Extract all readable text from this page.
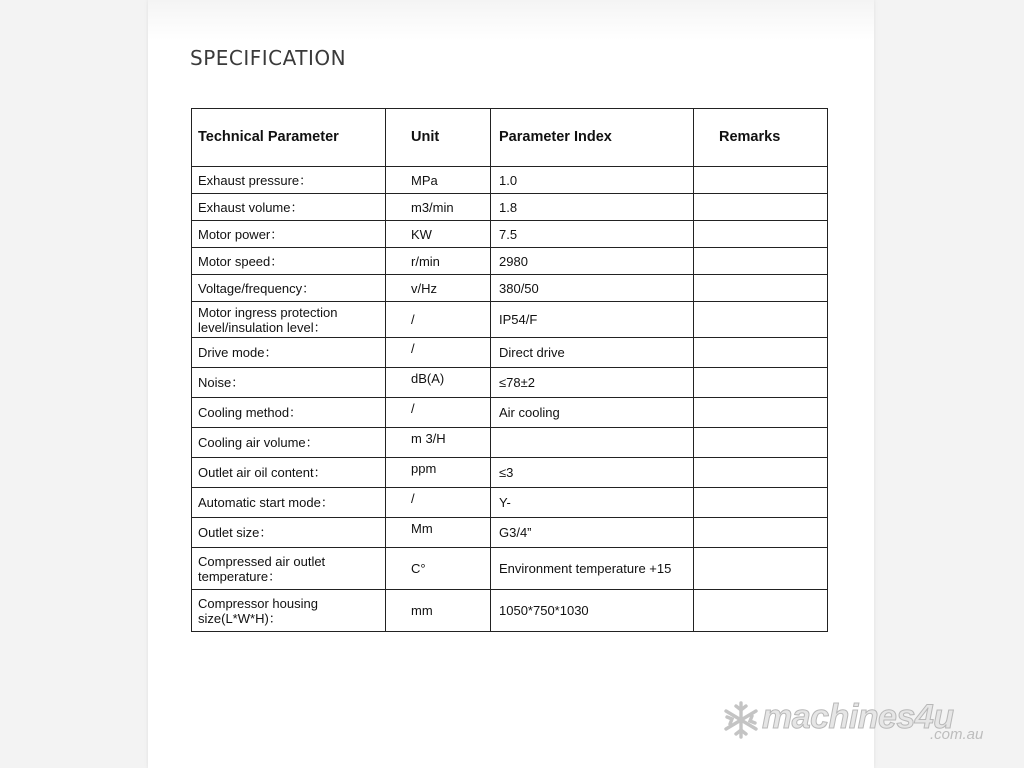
SPECIFICATION
Technical Parameter	Unit	Parameter Index	Remarks
Exhaust pressure：	MPa	1.0	
Exhaust volume：	m3/min	1.8	
Motor power：	KW	7.5	
Motor speed：	r/min	2980	
Voltage/frequency：	v/Hz	380/50	
Motor ingress protection level/insulation level：	/	IP54/F	
Drive mode：	/	Direct drive	
Noise：	dB(A)	≤78±2	
Cooling method：	/	Air cooling	
Cooling air volume：	m 3/H		
Outlet air oil content：	ppm	≤3	
Automatic start mode：	/	Y-	
Outlet size：	Mm	G3/4”	
Compressed air outlet temperature：	C°	Environment temperature +15	
Compressor housing size(L*W*H)：	mm	1050*750*1030	
machines4u
.com.au
